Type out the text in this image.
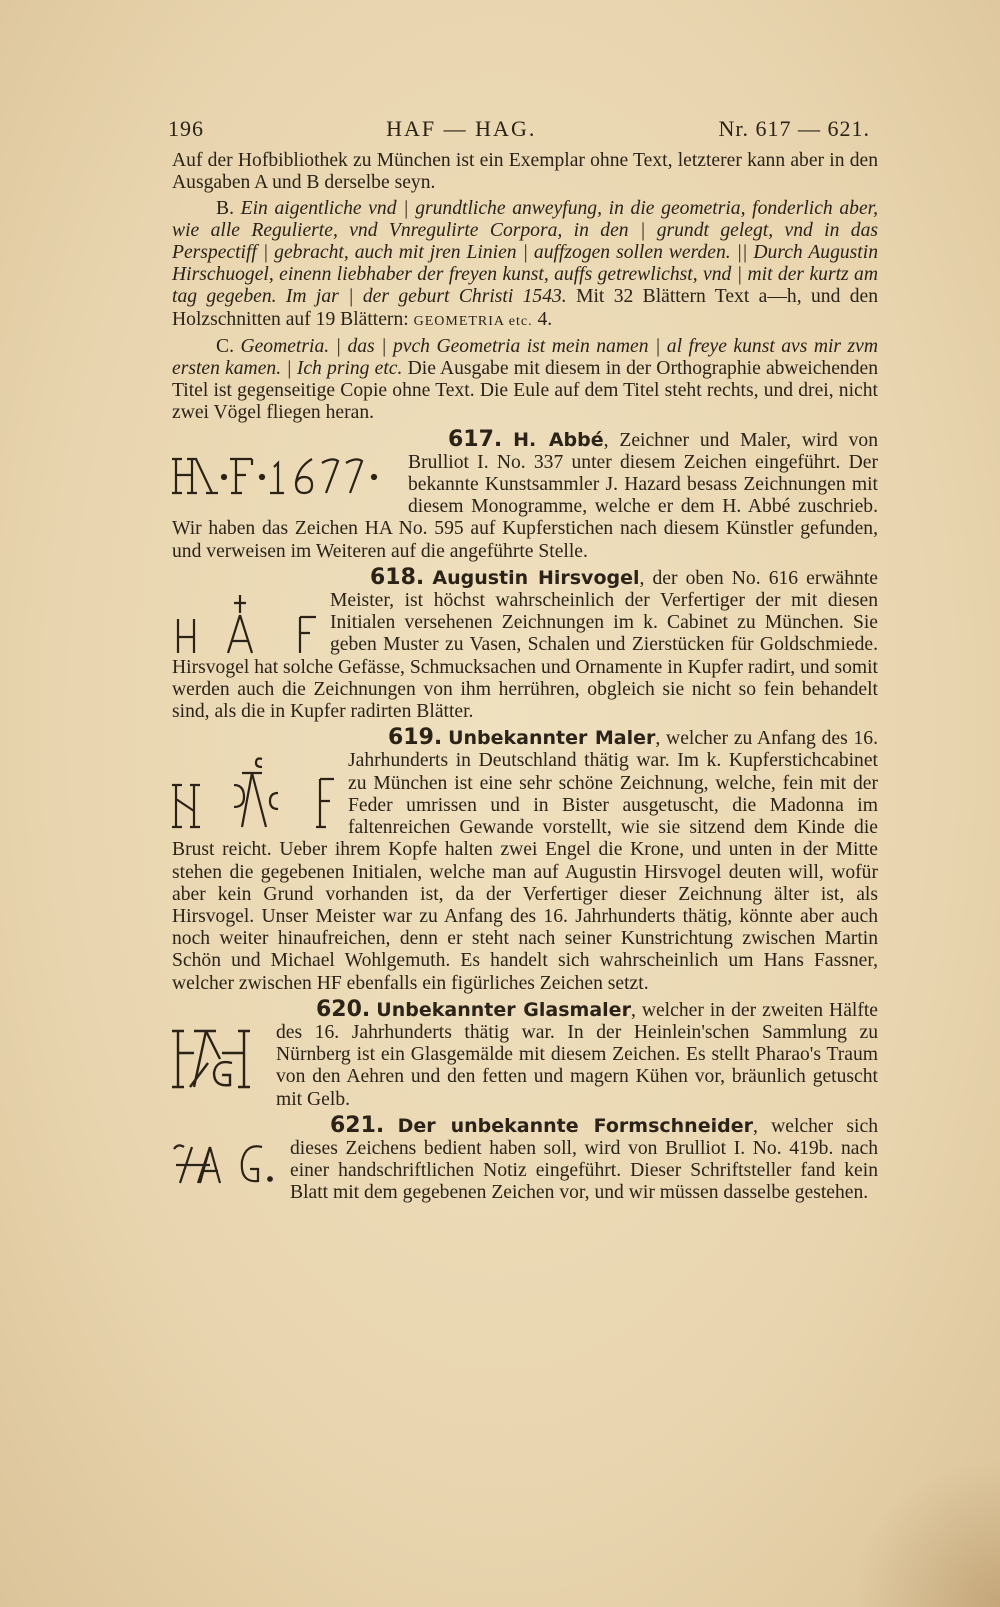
196	HAF — HAG.	Nr. 617 — 621.

Auf der Hofbibliothek zu München ist ein Exemplar ohne Text, letzterer kann aber in den Ausgaben A und B derselbe seyn.

B. Ein aigentliche vnd | grundtliche anweyfung, in die geometria, fonderlich aber, wie alle Regulierte, vnd Vnregulirte Corpora, in den | grundt gelegt, vnd in das Perspectiff | gebracht, auch mit jren Linien | auffzogen sollen werden. || Durch Augustin Hirschuogel, einenn liebhaber der freyen kunst, auffs getrewlichst, vnd | mit der kurtz am tag gegeben. Im jar | der geburt Christi 1543. Mit 32 Blättern Text a—h, und den Holzschnitten auf 19 Blättern: GEOMETRIA etc. 4.

C. Geometria. | das | pvch Geometria ist mein namen | al freye kunst avs mir zvm ersten kamen. | Ich pring etc. Die Ausgabe mit diesem in der Orthographie abweichenden Titel ist gegenseitige Copie ohne Text. Die Eule auf dem Titel steht rechts, und drei, nicht zwei Vögel fliegen heran.

617. H. Abbé, Zeichner und Maler, wird von Brulliot I. No. 337 unter diesem Zeichen eingeführt. Der bekannte Kunstsammler J. Hazard besass Zeichnungen mit diesem Monogramme, welche er dem H. Abbé zuschrieb. Wir haben das Zeichen HA No. 595 auf Kupferstichen nach diesem Künstler gefunden, und verweisen im Weiteren auf die angeführte Stelle.

618. Augustin Hirsvogel, der oben No. 616 erwähnte Meister, ist höchst wahrscheinlich der Verfertiger der mit diesen Initialen versehenen Zeichnungen im k. Cabinet zu München. Sie geben Muster zu Vasen, Schalen und Zierstücken für Goldschmiede. Hirsvogel hat solche Gefässe, Schmucksachen und Ornamente in Kupfer radirt, und somit werden auch die Zeichnungen von ihm herrühren, obgleich sie nicht so fein behandelt sind, als die in Kupfer radirten Blätter.

619. Unbekannter Maler, welcher zu Anfang des 16. Jahrhunderts in Deutschland thätig war. Im k. Kupferstichcabinet zu München ist eine sehr schöne Zeichnung, welche, fein mit der Feder umrissen und in Bister ausgetuscht, die Madonna im faltenreichen Gewande vorstellt, wie sie sitzend dem Kinde die Brust reicht. Ueber ihrem Kopfe halten zwei Engel die Krone, und unten in der Mitte stehen die gegebenen Initialen, welche man auf Augustin Hirsvogel deuten will, wofür aber kein Grund vorhanden ist, da der Verfertiger dieser Zeichnung älter ist, als Hirsvogel. Unser Meister war zu Anfang des 16. Jahrhunderts thätig, könnte aber auch noch weiter hinaufreichen, denn er steht nach seiner Kunstrichtung zwischen Martin Schön und Michael Wohlgemuth. Es handelt sich wahrscheinlich um Hans Fassner, welcher zwischen HF ebenfalls ein figürliches Zeichen setzt.

620. Unbekannter Glasmaler, welcher in der zweiten Hälfte des 16. Jahrhunderts thätig war. In der Heinlein'schen Sammlung zu Nürnberg ist ein Glasgemälde mit diesem Zeichen. Es stellt Pharao's Traum von den Aehren und den fetten und magern Kühen vor, bräunlich getuscht mit Gelb.

621. Der unbekannte Formschneider, welcher sich dieses Zeichens bedient haben soll, wird von Brulliot I. No. 419b. nach einer handschriftlichen Notiz eingeführt. Dieser Schriftsteller fand kein Blatt mit dem gegebenen Zeichen vor, und wir müssen dasselbe gestehen.
